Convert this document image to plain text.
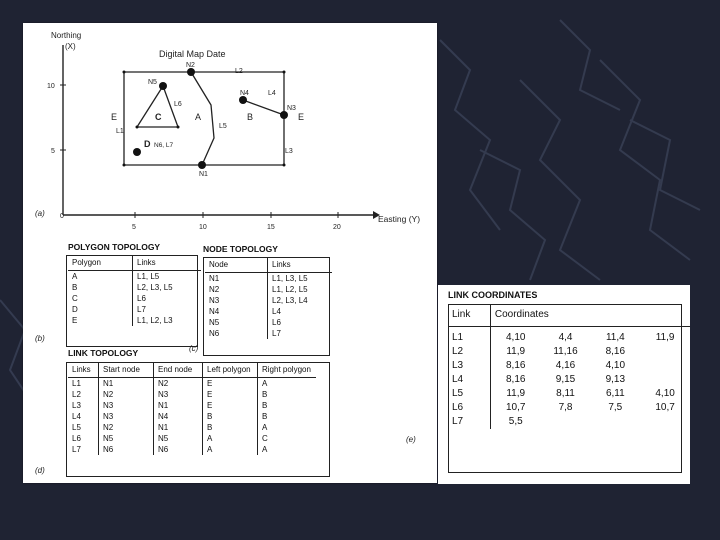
Northing
(X)
Digital Map Date
Easting (Y)
10
5
0
5	10	15	20
N1
N2
N3
N4
N5
N6, L7
L1
L2
L3
L4
L5
L6
A	B
C
D
E	E
(a)
POLYGON TOPOLOGY
Polygon	Links
A	L1, L5
B	L2, L3, L5
C	L6
D	L7
E	L1, L2, L3
(b)
NODE TOPOLOGY
Node	Links
N1	L1, L3, L5
N2	L1, L2, L5
N3	L2, L3, L4
N4	L4
N5	L6
N6	L7
(c)
LINK TOPOLOGY
Links	Start node	End node	Left polygon	Right polygon
L1	N1	N2	E	A
L2	N2	N3	E	B
L3	N3	N1	E	B
L4	N3	N4	B	B
L5	N2	N1	B	A
L6	N5	N5	A	C
L7	N6	N6	A	A
(d)
(e)
LINK COORDINATES
Link	Coordinates			
L1	4,10	4,4	11,4	11,9
L2	11,9	11,16	8,16	
L3	8,16	4,16	4,10	
L4	8,16	9,15	9,13	
L5	11,9	8,11	6,11	4,10
L6	10,7	7,8	7,5	10,7
L7	5,5			
